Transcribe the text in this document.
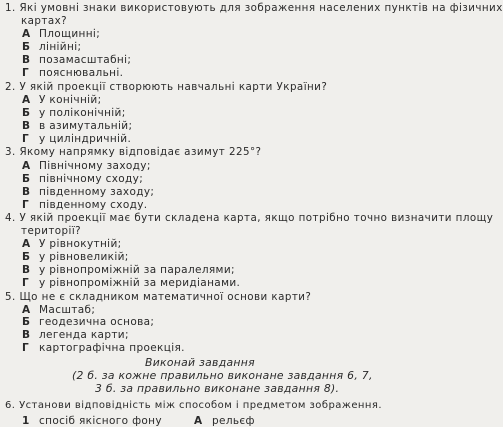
1. Які умовні знаки використовують для зображення населених пунктів на фізичних
картах?
А Площинні;
Б лінійні;
В позамасштабні;
Г пояснювальні.
2. У якій проекції створюють навчальні карти України?
А У конічній;
Б у поліконічній;
В в азимутальній;
Г у циліндричній.
3. Якому напрямку відповідає азимут 225°?
А Північному заходу;
Б північному сходу;
В південному заходу;
Г південному сходу.
4. У якій проекції має бути складена карта, якщо потрібно точно визначити площу
території?
А У рівнокутній;
Б у рівновеликій;
В у рівнопроміжній за паралелями;
Г у рівнопроміжній за меридіанами.
5. Що не є складником математичної основи карти?
А Масштаб;
Б геодезична основа;
В легенда карти;
Г картографічна проекція.
Виконай завдання
(2 б. за кожне правильно виконане завдання 6, 7,
3 б. за правильно виконане завдання 8).
6. Установи відповідність між способом і предметом зображення.
1 спосіб якісного фону	А рельєф
